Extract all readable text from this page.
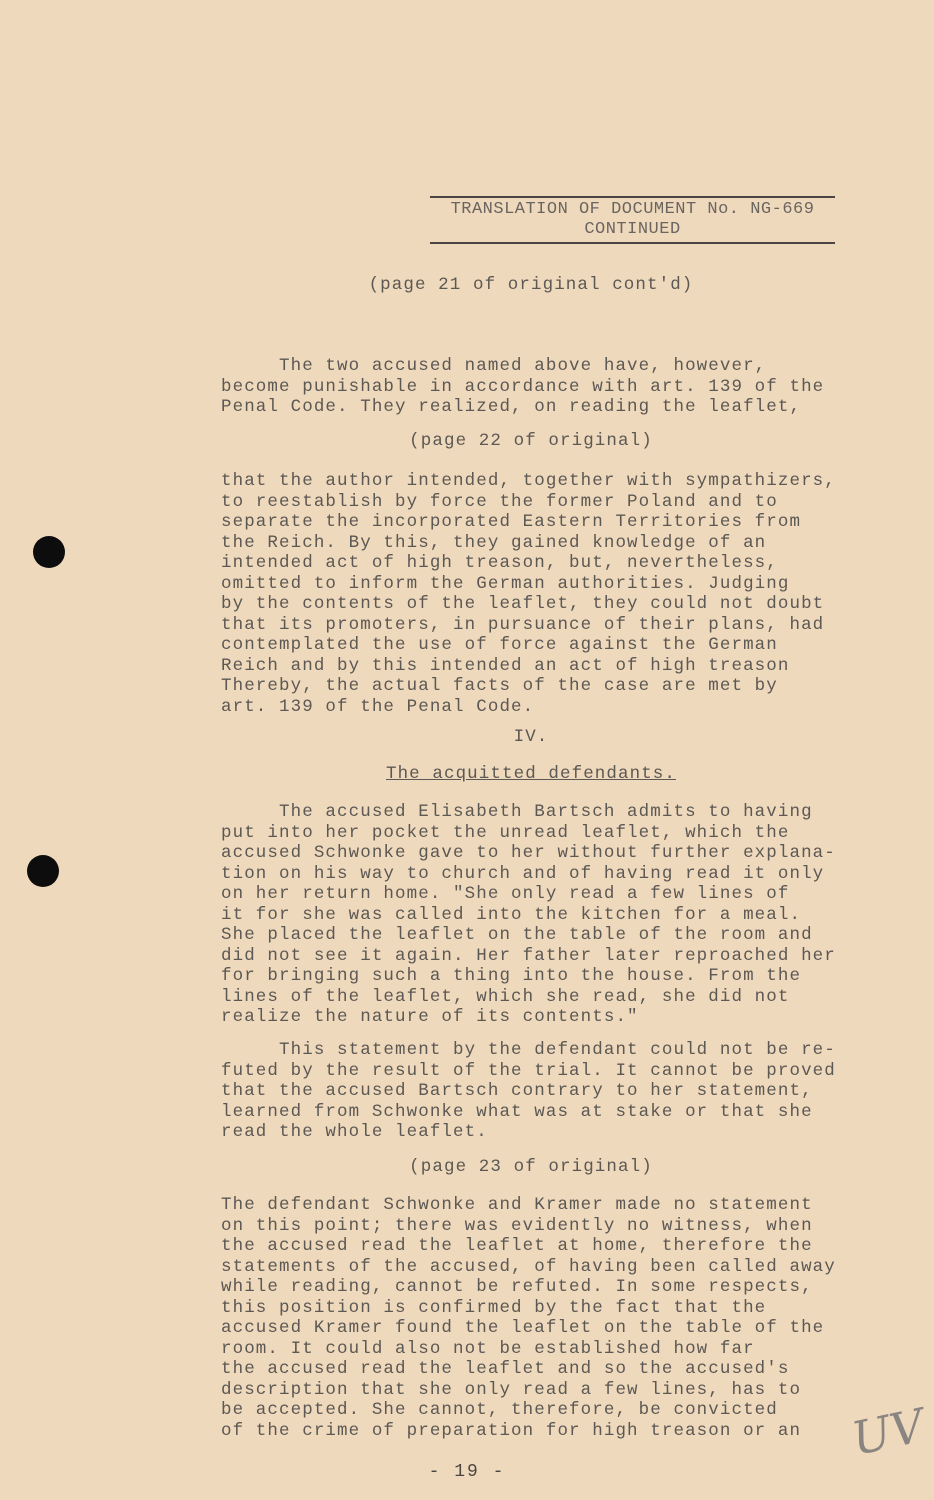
TRANSLATION OF DOCUMENT No. NG-669
CONTINUED
(page 21 of original cont'd)
The two accused named above have, however,
become punishable in accordance with art. 139 of the
Penal Code. They realized, on reading the leaflet,
(page 22 of original)
that the author intended, together with sympathizers,
to reestablish by force the former Poland and to
separate the incorporated Eastern Territories from
the Reich. By this, they gained knowledge of an
intended act of high treason, but, nevertheless,
omitted to inform the German authorities. Judging
by the contents of the leaflet, they could not doubt
that its promoters, in pursuance of their plans, had
contemplated the use of force against the German
Reich and by this intended an act of high treason
Thereby, the actual facts of the case are met by
art. 139 of the Penal Code.
IV.
The acquitted defendants.
The accused Elisabeth Bartsch admits to having
put into her pocket the unread leaflet, which the
accused Schwonke gave to her without further explana-
tion on his way to church and of having read it only
on her return home. "She only read a few lines of
it for she was called into the kitchen for a meal.
She placed the leaflet on the table of the room and
did not see it again. Her father later reproached her
for bringing such a thing into the house. From the
lines of the leaflet, which she read, she did not
realize the nature of its contents."
This statement by the defendant could not be re-
futed by the result of the trial. It cannot be proved
that the accused Bartsch contrary to her statement,
learned from Schwonke what was at stake or that she
read the whole leaflet.
(page 23 of original)
The defendant Schwonke and Kramer made no statement
on this point; there was evidently no witness, when
the accused read the leaflet at home, therefore the
statements of the accused, of having been called away
while reading, cannot be refuted. In some respects,
this position is confirmed by the fact that the
accused Kramer found the leaflet on the table of the
room. It could also not be established how far
the accused read the leaflet and so the accused's
description that she only read a few lines, has to
be accepted. She cannot, therefore, be convicted
of the crime of preparation for high treason or an
- 19 -
UV
